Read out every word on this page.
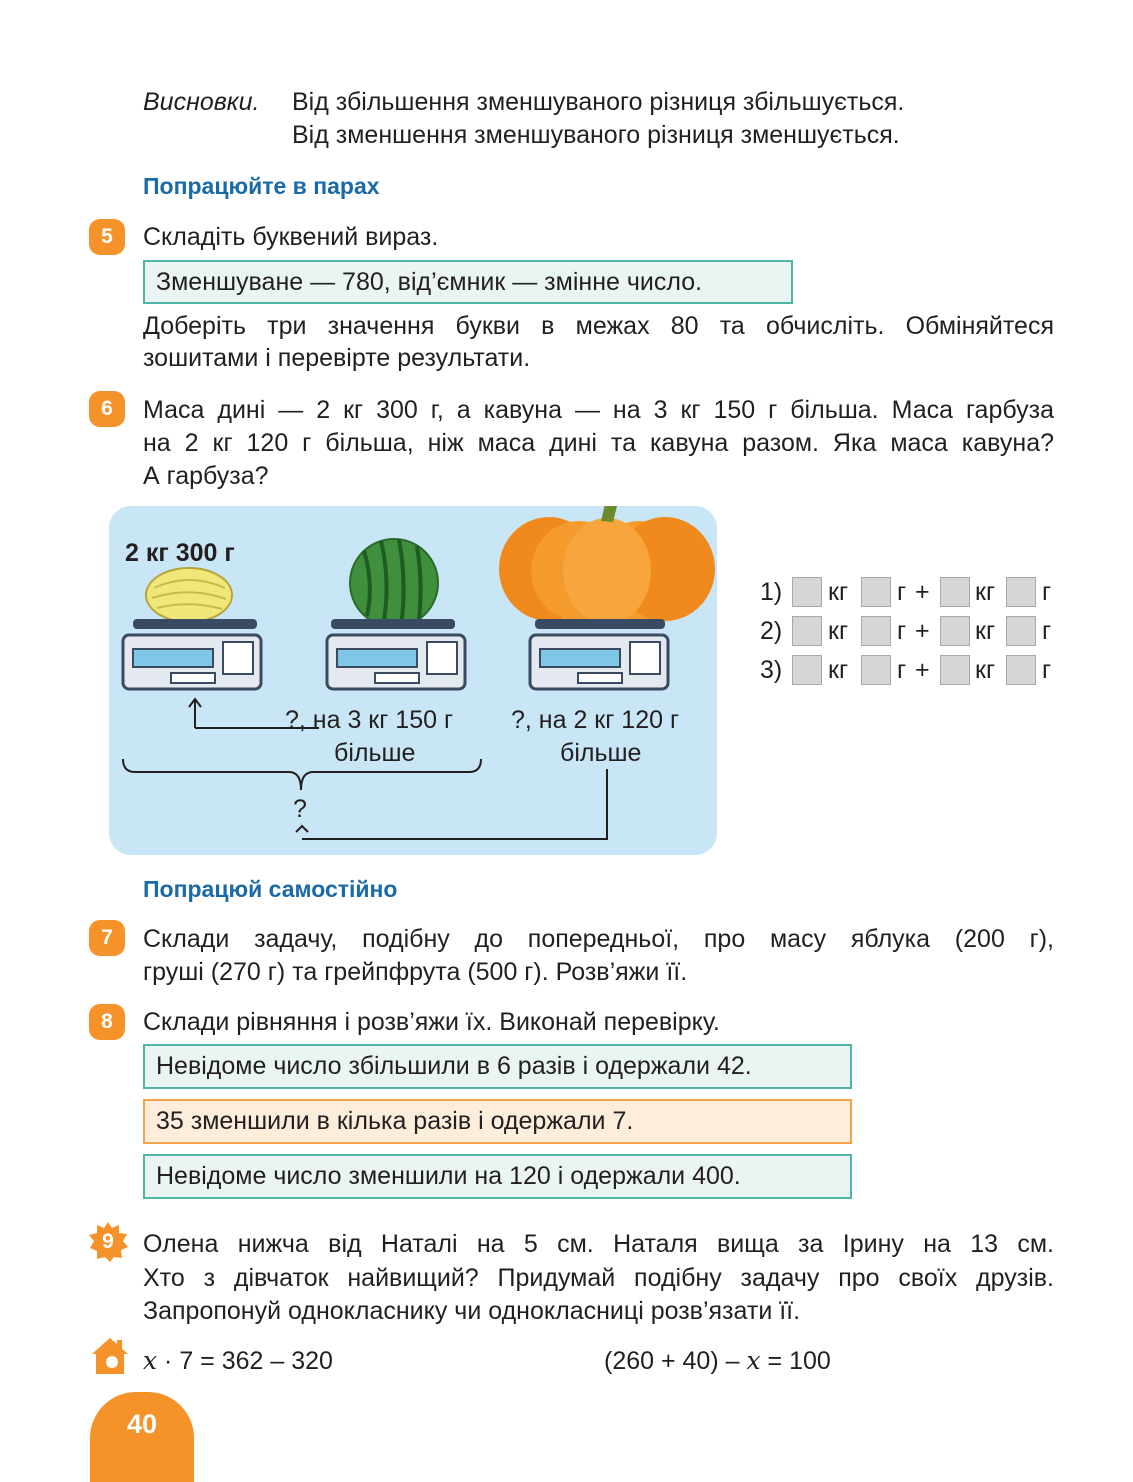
Висновки. Від збільшення зменшуваного різниця збільшується.
Від зменшення зменшуваного різниця зменшується.
Попрацюйте в парах
5	Складіть буквений вираз.
Зменшуване — 780, від’ємник — змінне число.
Доберіть три значення букви в межах 80 та обчисліть. Обміняйтеся
зошитами і перевірте результати.
6	Маса дині — 2 кг 300 г, а кавуна — на 3 кг 150 г більша. Маса гарбуза
на 2 кг 120 г більша, ніж маса дині та кавуна разом. Яка маса кавуна?
А гарбуза?
2 кг 300 г
?, на 3 кг 150 г
більше
?, на 2 кг 120 г
більше
?
1) кг г + кг г
2) кг г + кг г
3) кг г + кг г
Попрацюй самостійно
7	Склади задачу, подібну до попередньої, про масу яблука (200 г),
груші (270 г) та грейпфрута (500 г). Розв’яжи її.
8	Склади рівняння і розв’яжи їх. Виконай перевірку.
Невідоме число збільшили в 6 разів і одержали 42.
35 зменшили в кілька разів і одержали 7.
Невідоме число зменшили на 120 і одержали 400.
9	Олена нижча від Наталі на 5 см. Наталя вища за Ірину на 13 см.
Хто з дівчаток найвищий? Придумай подібну задачу про своїх друзів.
Запропонуй однокласнику чи однокласниці розв’язати її.
x · 7 = 362 – 320	(260 + 40) – x = 100
40
